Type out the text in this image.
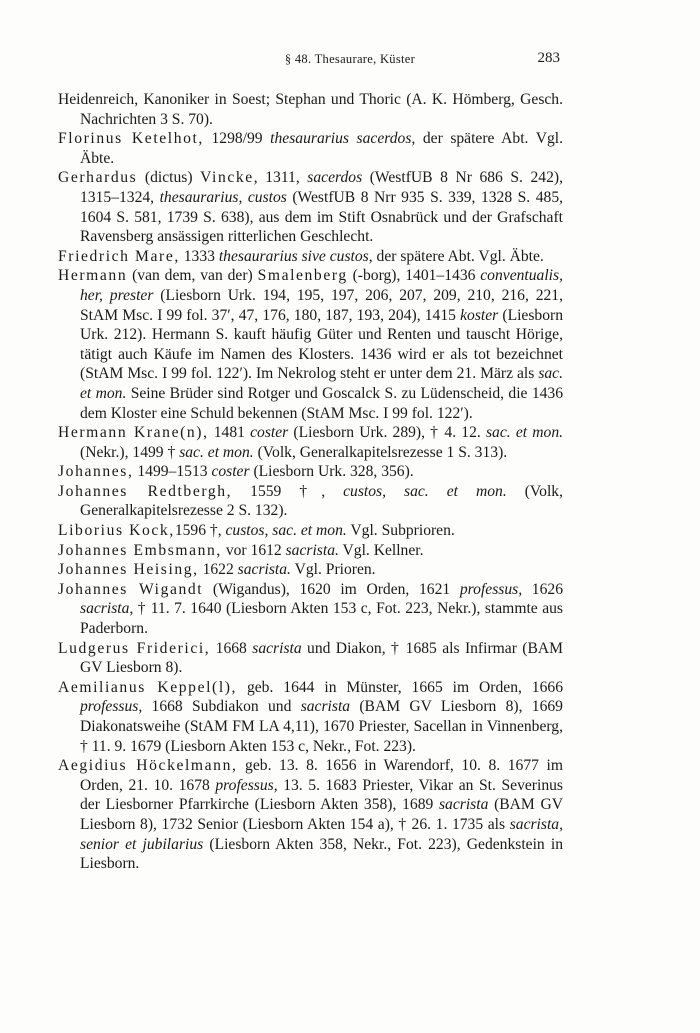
§ 48. Thesaurare, Küster	283

Heidenreich, Kanoniker in Soest; Stephan und Thoric (A. K. Hömberg, Gesch. Nachrichten 3 S. 70).

Florinus Ketelhot, 1298/99 thesaurarius sacerdos, der spätere Abt. Vgl. Äbte.

Gerhardus (dictus) Vincke, 1311, sacerdos (WestfUB 8 Nr 686 S. 242), 1315–1324, thesaurarius, custos (WestfUB 8 Nrr 935 S. 339, 1328 S. 485, 1604 S. 581, 1739 S. 638), aus dem im Stift Osnabrück und der Grafschaft Ravensberg ansässigen ritterlichen Geschlecht.

Friedrich Mare, 1333 thesaurarius sive custos, der spätere Abt. Vgl. Äbte.

Hermann (van dem, van der) Smalenberg (-borg), 1401–1436 conventualis, her, prester (Liesborn Urk. 194, 195, 197, 206, 207, 209, 210, 216, 221, StAM Msc. I 99 fol. 37′, 47, 176, 180, 187, 193, 204), 1415 koster (Liesborn Urk. 212). Hermann S. kauft häufig Güter und Renten und tauscht Hörige, tätigt auch Käufe im Namen des Klosters. 1436 wird er als tot bezeichnet (StAM Msc. I 99 fol. 122′). Im Nekrolog steht er unter dem 21. März als sac. et mon. Seine Brüder sind Rotger und Goscalck S. zu Lüdenscheid, die 1436 dem Kloster eine Schuld bekennen (StAM Msc. I 99 fol. 122′).

Hermann Krane(n), 1481 coster (Liesborn Urk. 289), † 4. 12. sac. et mon. (Nekr.), 1499 † sac. et mon. (Volk, Generalkapitelsrezesse 1 S. 313).

Johannes, 1499–1513 coster (Liesborn Urk. 328, 356).

Johannes Redtbergh, 1559 †, custos, sac. et mon. (Volk, Generalkapitelsrezesse 2 S. 132).

Liborius Kock,1596 †, custos, sac. et mon. Vgl. Subprioren.

Johannes Embsmann, vor 1612 sacrista. Vgl. Kellner.

Johannes Heising, 1622 sacrista. Vgl. Prioren.

Johannes Wigandt (Wigandus), 1620 im Orden, 1621 professus, 1626 sacrista, † 11. 7. 1640 (Liesborn Akten 153 c, Fot. 223, Nekr.), stammte aus Paderborn.

Ludgerus Friderici, 1668 sacrista und Diakon, † 1685 als Infirmar (BAM GV Liesborn 8).

Aemilianus Keppel(l), geb. 1644 in Münster, 1665 im Orden, 1666 professus, 1668 Subdiakon und sacrista (BAM GV Liesborn 8), 1669 Diakonatsweihe (StAM FM LA 4,11), 1670 Priester, Sacellan in Vinnenberg, † 11. 9. 1679 (Liesborn Akten 153 c, Nekr., Fot. 223).

Aegidius Höckelmann, geb. 13. 8. 1656 in Warendorf, 10. 8. 1677 im Orden, 21. 10. 1678 professus, 13. 5. 1683 Priester, Vikar an St. Severinus der Liesborner Pfarrkirche (Liesborn Akten 358), 1689 sacrista (BAM GV Liesborn 8), 1732 Senior (Liesborn Akten 154 a), † 26. 1. 1735 als sacrista, senior et jubilarius (Liesborn Akten 358, Nekr., Fot. 223), Gedenkstein in Liesborn.
